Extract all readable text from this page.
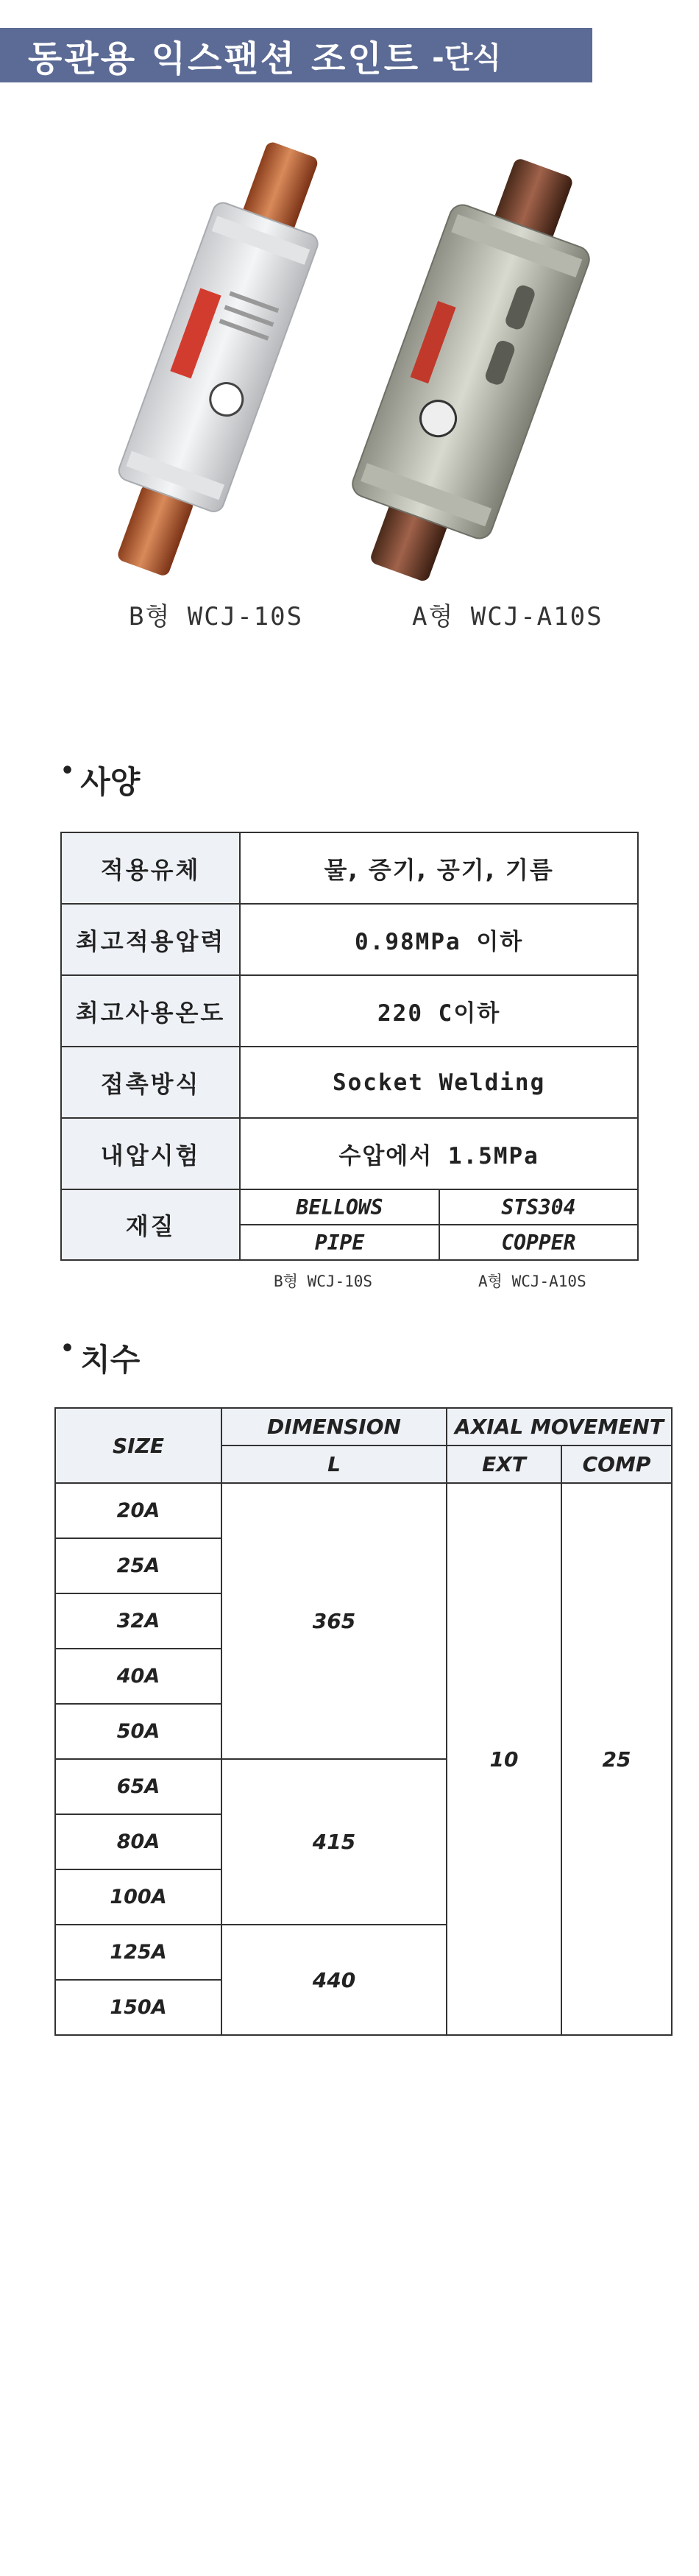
동관용 익스팬션 조인트 -단식
B형 WCJ-10S	A형 WCJ-A10S
• 사양
적용유체	물, 증기, 공기, 기름	
최고적용압력	0.98MPa 이하	
최고사용온도	220 C이하	
접촉방식	Socket Welding	
내압시험	수압에서 1.5MPa	
재질	BELLOWS	STS304
	PIPE	COPPER
B형 WCJ-10S	A형 WCJ-A10S
• 치수
SIZE	DIMENSION	AXIAL MOVEMENT	
	L	EXT	COMP
20A	365	10	25
25A			
32A			
40A			
50A			
65A	415		
80A			
100A			
125A	440		
150A			
